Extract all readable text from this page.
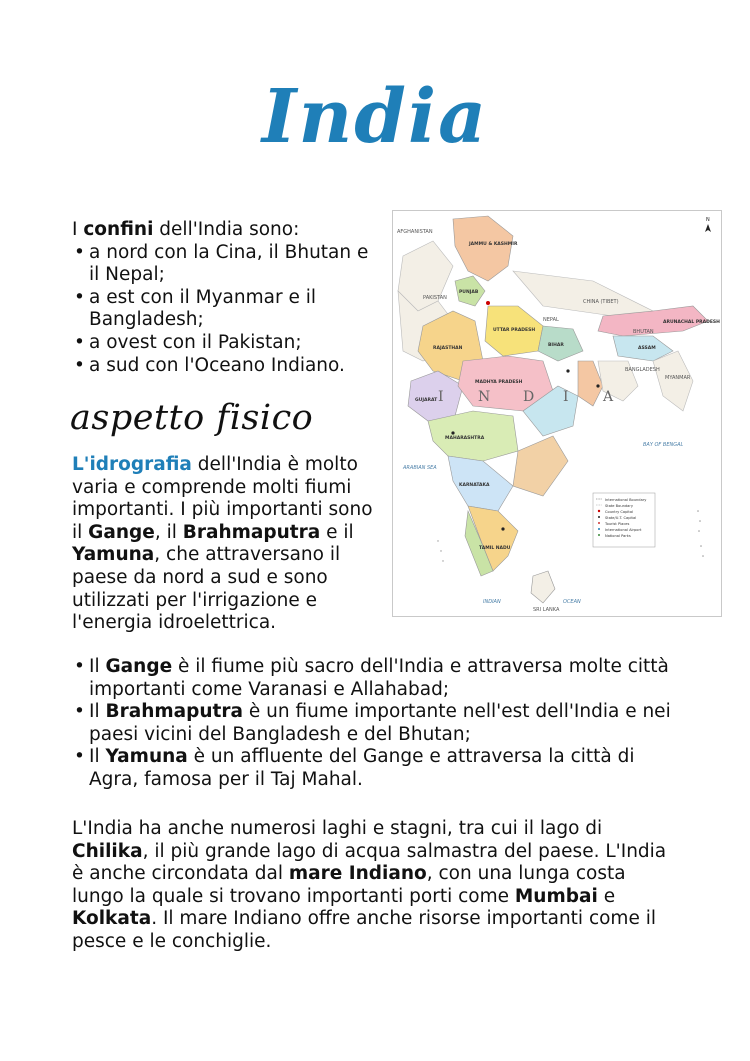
India
I confini dell'India sono:
• a nord con la Cina, il Bhutan e il Nepal;
• a est con il Myanmar e il Bangladesh;
• a ovest con il Pakistan;
• a sud con l'Oceano Indiano.
aspetto fisico

L'idrografia dell'India è molto varia e comprende molti fiumi importanti. I più importanti sono il Gange, il Brahmaputra e il Yamuna, che attraversano il paese da nord a sud e sono utilizzati per l'irrigazione e l'energia idroelettrica.

AFGHANISTAN
PAKISTAN
CHINA (TIBET)
NEPAL
BHUTAN
BANGLADESH
MYANMAR
SRI LANKA
JAMMU & KASHMIR
PUNJAB
RAJASTHAN
UTTAR PRADESH
BIHAR
GUJARAT
MADHYA PRADESH
MAHARASHTRA
KARNATAKA
TAMIL NADU
ARUNACHAL PRADESH
ASSAM
I N D I A
ARABIAN SEA
BAY OF BENGAL
INDIAN	OCEAN
International Boundary
State Boundary
Country Capital
State/U.T. Capital
Tourist Places
International Airport
National Parks
N
• Il Gange è il fiume più sacro dell'India e attraversa molte città importanti come Varanasi e Allahabad;
• Il Brahmaputra è un fiume importante nell'est dell'India e nei paesi vicini del Bangladesh e del Bhutan;
• Il Yamuna è un affluente del Gange e attraversa la città di Agra, famosa per il Taj Mahal.

L'India ha anche numerosi laghi e stagni, tra cui il lago di Chilika, il più grande lago di acqua salmastra del paese. L'India è anche circondata dal mare Indiano, con una lunga costa lungo la quale si trovano importanti porti come Mumbai e Kolkata. Il mare Indiano offre anche risorse importanti come il pesce e le conchiglie.
